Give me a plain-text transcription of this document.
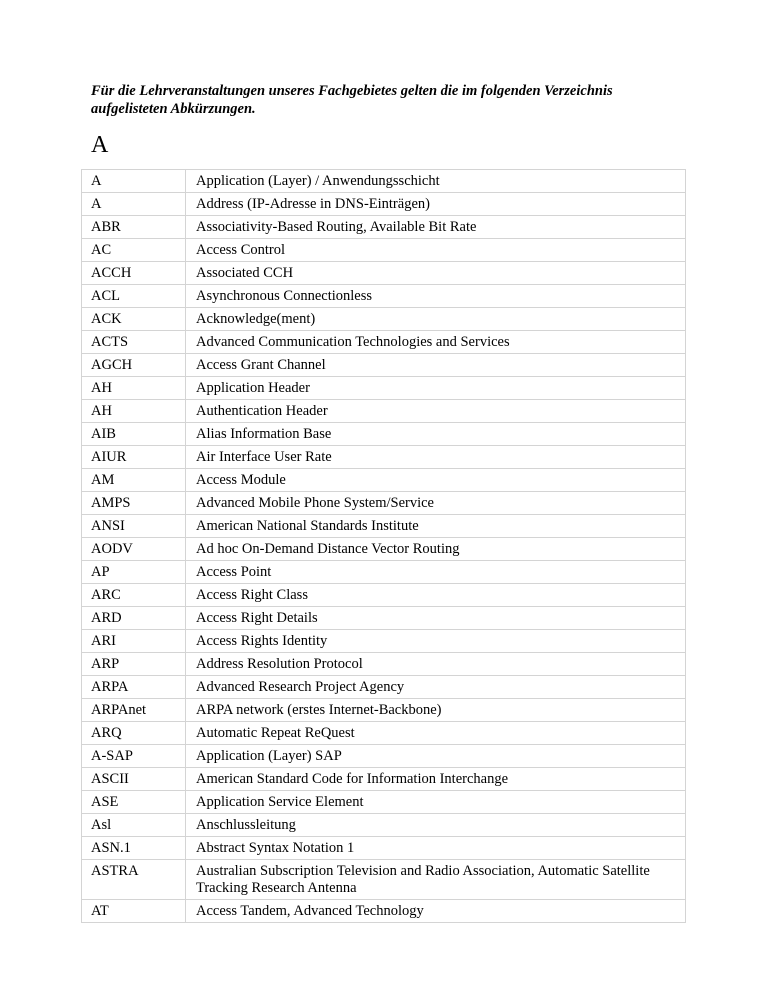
Für die Lehrveranstaltungen unseres Fachgebietes gelten die im folgenden Verzeichnis aufgelisteten Abkürzungen.

A
A	Application (Layer) / Anwendungsschicht
A	Address (IP-Adresse in DNS-Einträgen)
ABR	Associativity-Based Routing, Available Bit Rate
AC	Access Control
ACCH	Associated CCH
ACL	Asynchronous Connectionless
ACK	Acknowledge(ment)
ACTS	Advanced Communication Technologies and Services
AGCH	Access Grant Channel
AH	Application Header
AH	Authentication Header
AIB	Alias Information Base
AIUR	Air Interface User Rate
AM	Access Module
AMPS	Advanced Mobile Phone System/Service
ANSI	American National Standards Institute
AODV	Ad hoc On-Demand Distance Vector Routing
AP	Access Point
ARC	Access Right Class
ARD	Access Right Details
ARI	Access Rights Identity
ARP	Address Resolution Protocol
ARPA	Advanced Research Project Agency
ARPAnet	ARPA network (erstes Internet-Backbone)
ARQ	Automatic Repeat ReQuest
A-SAP	Application (Layer) SAP
ASCII	American Standard Code for Information Interchange
ASE	Application Service Element
Asl	Anschlussleitung
ASN.1	Abstract Syntax Notation 1
ASTRA	Australian Subscription Television and Radio Association, Automatic Satellite Tracking Research Antenna
AT	Access Tandem, Advanced Technology
